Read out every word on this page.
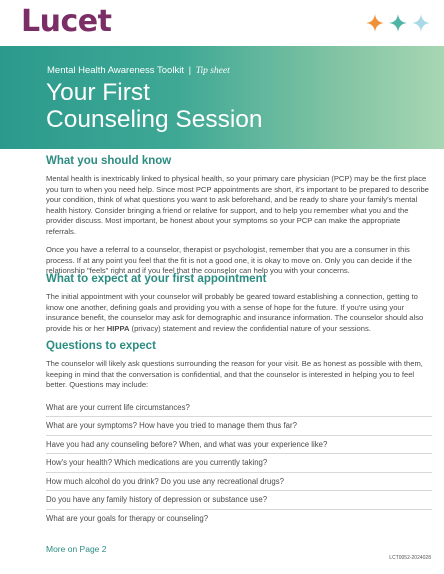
Lucet
Mental Health Awareness Toolkit | Tip sheet
Your First
Counseling Session
What you should know

Mental health is inextricably linked to physical health, so your primary care physician (PCP) may be the first place you turn to when you need help. Since most PCP appointments are short, it's important to be prepared to describe your condition, think of what questions you want to ask beforehand, and be ready to share your family's mental health history. Consider bringing a friend or relative for support, and to help you remember what you and the provider discuss. Most important, be honest about your symptoms so your PCP can make the appropriate referrals.

Once you have a referral to a counselor, therapist or psychologist, remember that you are a consumer in this process. If at any point you feel that the fit is not a good one, it is okay to move on. Only you can decide if the relationship "feels" right and if you feel that the counselor can help you with your concerns.

What to expect at your first appointment

The initial appointment with your counselor will probably be geared toward establishing a connection, getting to know one another, defining goals and providing you with a sense of hope for the future. If you're using your insurance benefit, the counselor may ask for demographic and insurance information. The counselor should also provide his or her HIPPA (privacy) statement and review the confidential nature of your sessions.

Questions to expect

The counselor will likely ask questions surrounding the reason for your visit. Be as honest as possible with them, keeping in mind that the conversation is confidential, and that the counselor is interested in helping you to feel better. Questions may include:

What are your current life circumstances?
What are your symptoms? How have you tried to manage them thus far?
Have you had any counseling before? When, and what was your experience like?
How's your health? Which medications are you currently taking?
How much alcohol do you drink? Do you use any recreational drugs?
Do you have any family history of depression or substance use?
What are your goals for therapy or counseling?
More on Page 2
LCT0052-2024028
